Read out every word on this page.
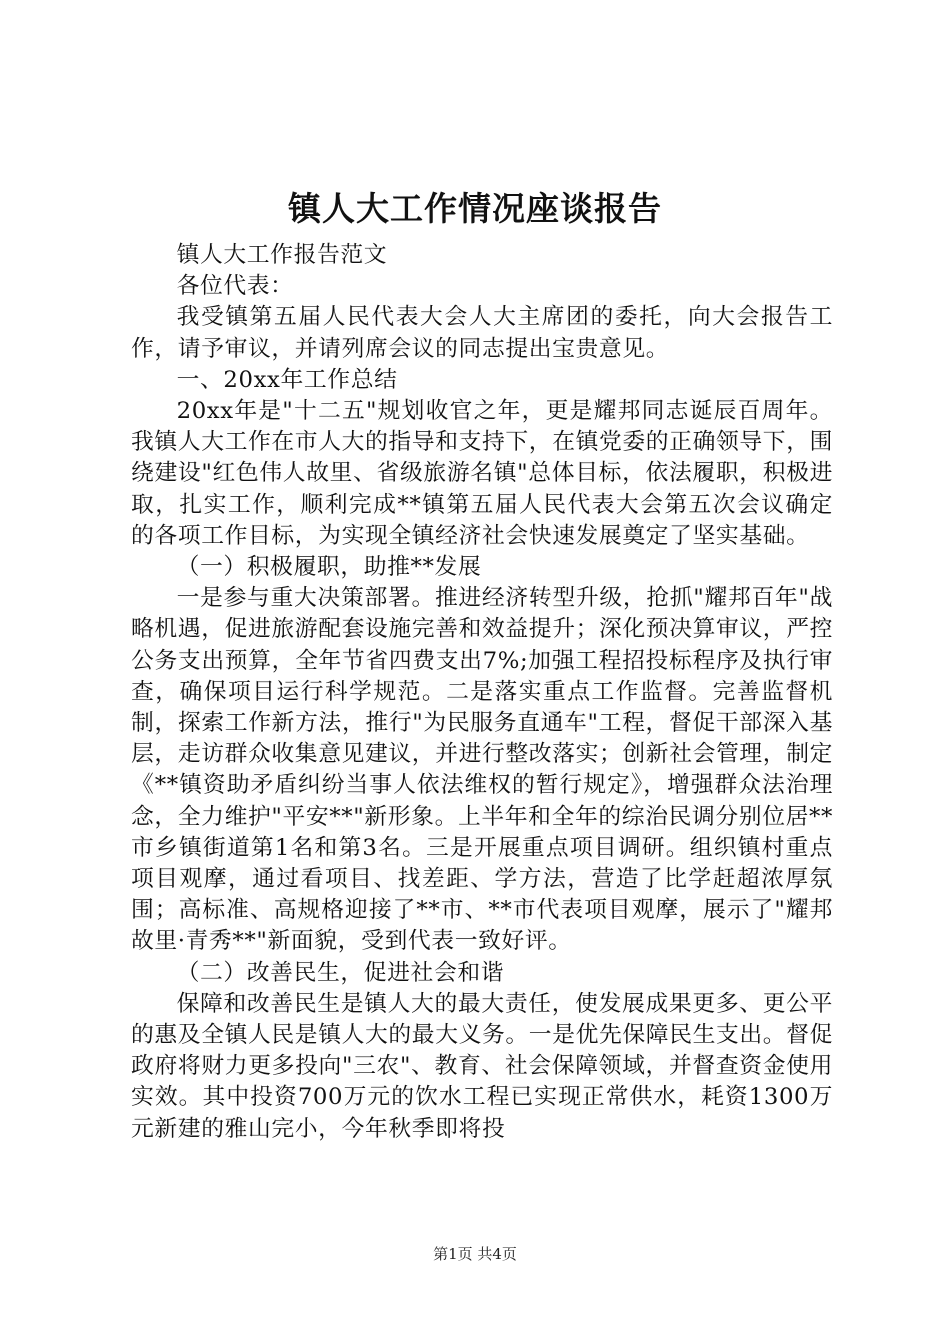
镇人大工作情况座谈报告

镇人大工作报告范文

各位代表：

我受镇第五届人民代表大会人大主席团的委托，向大会报告工作，请予审议，并请列席会议的同志提出宝贵意见。

一、20xx年工作总结

20xx年是"十二五"规划收官之年，更是耀邦同志诞辰百周年。我镇人大工作在市人大的指导和支持下，在镇党委的正确领导下，围绕建设"红色伟人故里、省级旅游名镇"总体目标，依法履职，积极进取，扎实工作，顺利完成**镇第五届人民代表大会第五次会议确定的各项工作目标，为实现全镇经济社会快速发展奠定了坚实基础。

（一）积极履职，助推**发展

一是参与重大决策部署。推进经济转型升级，抢抓"耀邦百年"战略机遇，促进旅游配套设施完善和效益提升；深化预决算审议，严控公务支出预算，全年节省四费支出7%;加强工程招投标程序及执行审查，确保项目运行科学规范。二是落实重点工作监督。完善监督机制，探索工作新方法，推行"为民服务直通车"工程，督促干部深入基层，走访群众收集意见建议，并进行整改落实；创新社会管理，制定《**镇资助矛盾纠纷当事人依法维权的暂行规定》，增强群众法治理念，全力维护"平安**"新形象。上半年和全年的综治民调分别位居**市乡镇街道第1名和第3名。三是开展重点项目调研。组织镇村重点项目观摩，通过看项目、找差距、学方法，营造了比学赶超浓厚氛围；高标准、高规格迎接了**市、**市代表项目观摩，展示了"耀邦故里·青秀**"新面貌，受到代表一致好评。

（二）改善民生，促进社会和谐

保障和改善民生是镇人大的最大责任，使发展成果更多、更公平的惠及全镇人民是镇人大的最大义务。一是优先保障民生支出。督促政府将财力更多投向"三农"、教育、社会保障领域，并督查资金使用实效。其中投资700万元的饮水工程已实现正常供水，耗资1300万元新建的雅山完小，今年秋季即将投

第1页 共4页
